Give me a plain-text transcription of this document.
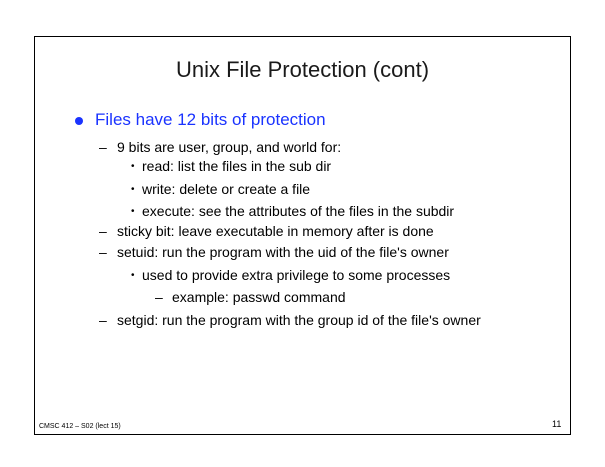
Unix File Protection (cont)
Files have 12 bits of protection
– 9 bits are user, group, and world for:
• read: list the files in the sub dir
• write: delete or create a file
• execute: see the attributes of the files in the subdir
– sticky bit: leave executable in memory after is done
– setuid: run the program with the uid of the file's owner
• used to provide extra privilege to some processes
– example: passwd command
– setgid: run the program with the group id of the file's owner
CMSC 412 – S02 (lect 15)	11
